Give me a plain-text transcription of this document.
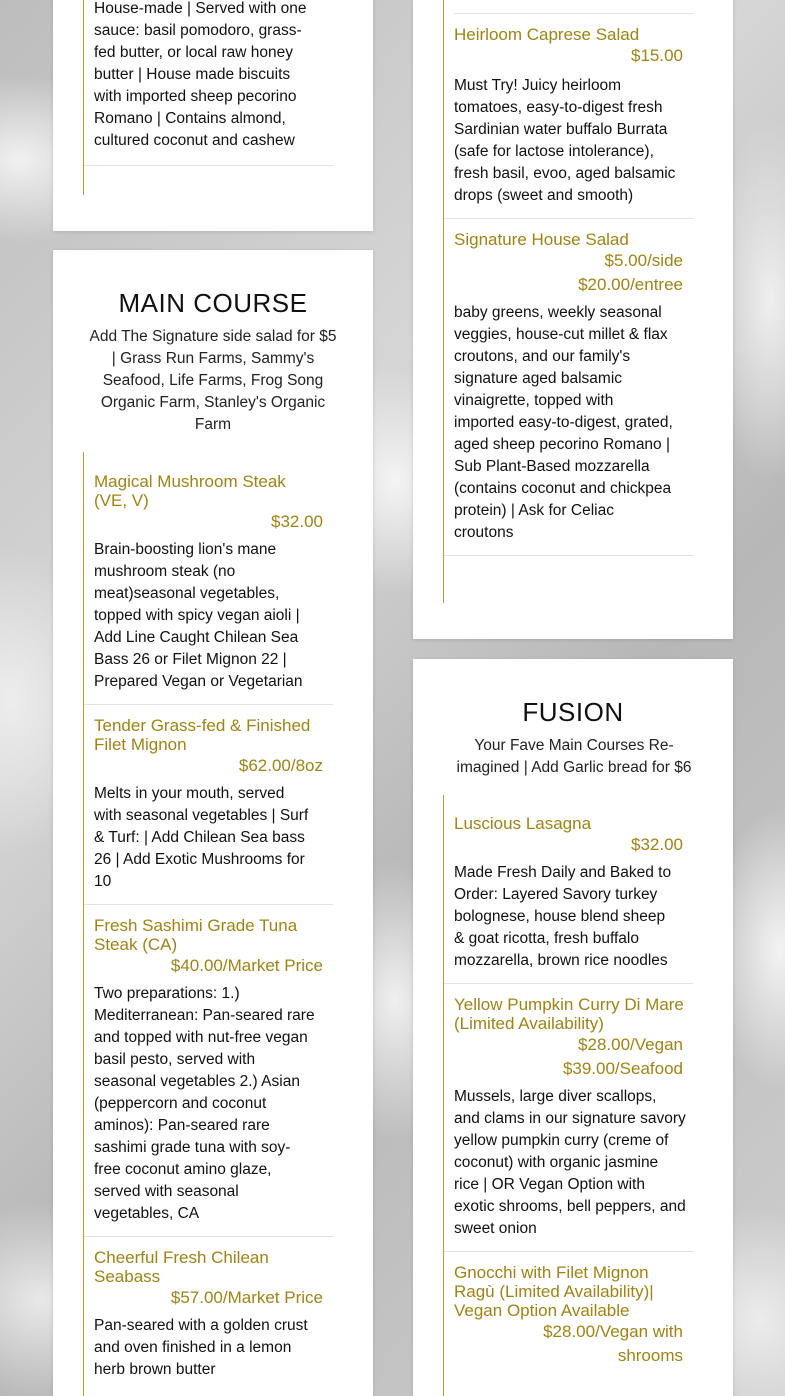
House-made | Served with one sauce: basil pomodoro, grass-fed butter, or local raw honey butter | House made biscuits with imported sheep pecorino Romano | Contains almond, cultured coconut and cashew
Heirloom Caprese Salad
$15.00
Must Try! Juicy heirloom tomatoes, easy-to-digest fresh Sardinian water buffalo Burrata (safe for lactose intolerance), fresh basil, evoo, aged balsamic drops (sweet and smooth)
Signature House Salad
$5.00/side
$20.00/entree
baby greens, weekly seasonal veggies, house-cut millet & flax croutons, and our family's signature aged balsamic vinaigrette, topped with imported easy-to-digest, grated, aged sheep pecorino Romano | Sub Plant-Based mozzarella (contains coconut and chickpea protein) | Ask for Celiac croutons
MAIN COURSE
Add The Signature side salad for $5 | Grass Run Farms, Sammy's Seafood, Life Farms, Frog Song Organic Farm, Stanley's Organic Farm
Magical Mushroom Steak (VE, V)
$32.00
Brain-boosting lion's mane mushroom steak (no meat)seasonal vegetables, topped with spicy vegan aioli | Add Line Caught Chilean Sea Bass 26 or Filet Mignon 22 | Prepared Vegan or Vegetarian
Tender Grass-fed & Finished Filet Mignon
$62.00/8oz
Melts in your mouth, served with seasonal vegetables | Surf & Turf: | Add Chilean Sea bass 26 | Add Exotic Mushrooms for 10
Fresh Sashimi Grade Tuna Steak (CA)
$40.00/Market Price
Two preparations: 1.) Mediterranean: Pan-seared rare and topped with nut-free vegan basil pesto, served with seasonal vegetables 2.) Asian (peppercorn and coconut aminos): Pan-seared rare sashimi grade tuna with soy-free coconut amino glaze, served with seasonal vegetables, CA
Cheerful Fresh Chilean Seabass
$57.00/Market Price
Pan-seared with a golden crust and oven finished in a lemon herb brown butter
FUSION
Your Fave Main Courses Re-imagined | Add Garlic bread for $6
Luscious Lasagna
$32.00
Made Fresh Daily and Baked to Order: Layered Savory turkey bolognese, house blend sheep & goat ricotta, fresh buffalo mozzarella, brown rice noodles
Yellow Pumpkin Curry Di Mare (Limited Availability)
$28.00/Vegan
$39.00/Seafood
Mussels, large diver scallops, and clams in our signature savory yellow pumpkin curry (creme of coconut) with organic jasmine rice | OR Vegan Option with exotic shrooms, bell peppers, and sweet onion
Gnocchi with Filet Mignon Ragù (Limited Availability)| Vegan Option Available
$28.00/Vegan with shrooms
